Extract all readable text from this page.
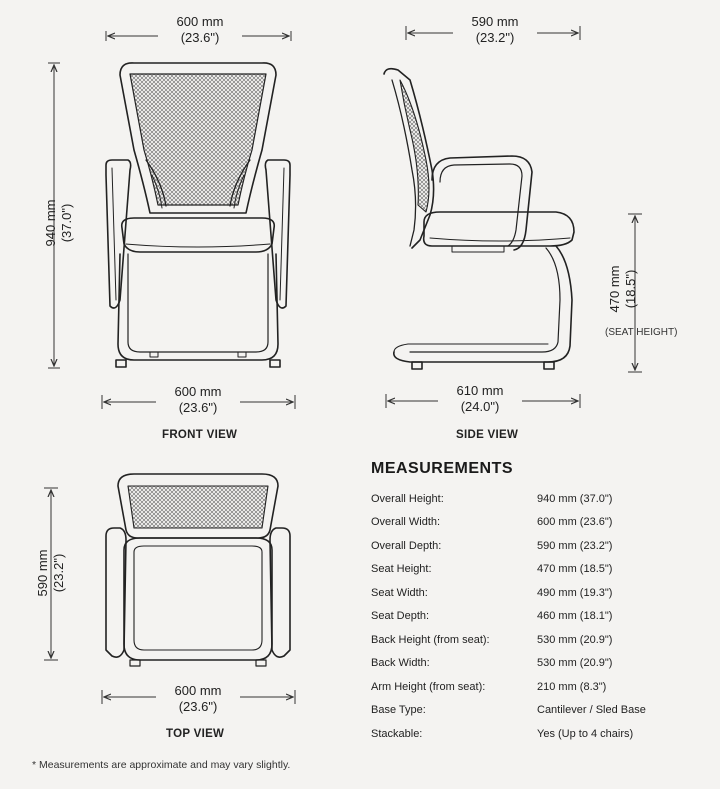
600 mm
(23.6")
940 mm (37.0")
600 mm
(23.6")
FRONT VIEW
590 mm
(23.2")
470 mm (18.5")
(SEAT HEIGHT)
610 mm
(24.0")
SIDE VIEW
590 mm (23.2")
600 mm
(23.6")
TOP VIEW
MEASUREMENTS
Overall Height:	940 mm (37.0")
Overall Width:	600 mm (23.6")
Overall Depth:	590 mm (23.2")
Seat Height:	470 mm (18.5")
Seat Width:	490 mm (19.3")
Seat Depth:	460 mm (18.1")
Back Height (from seat):	530 mm (20.9")
Back Width:	530 mm (20.9")
Arm Height (from seat):	210 mm (8.3")
Base Type:	Cantilever / Sled Base
Stackable:	Yes (Up to 4 chairs)
* Measurements are approximate and may vary slightly.
